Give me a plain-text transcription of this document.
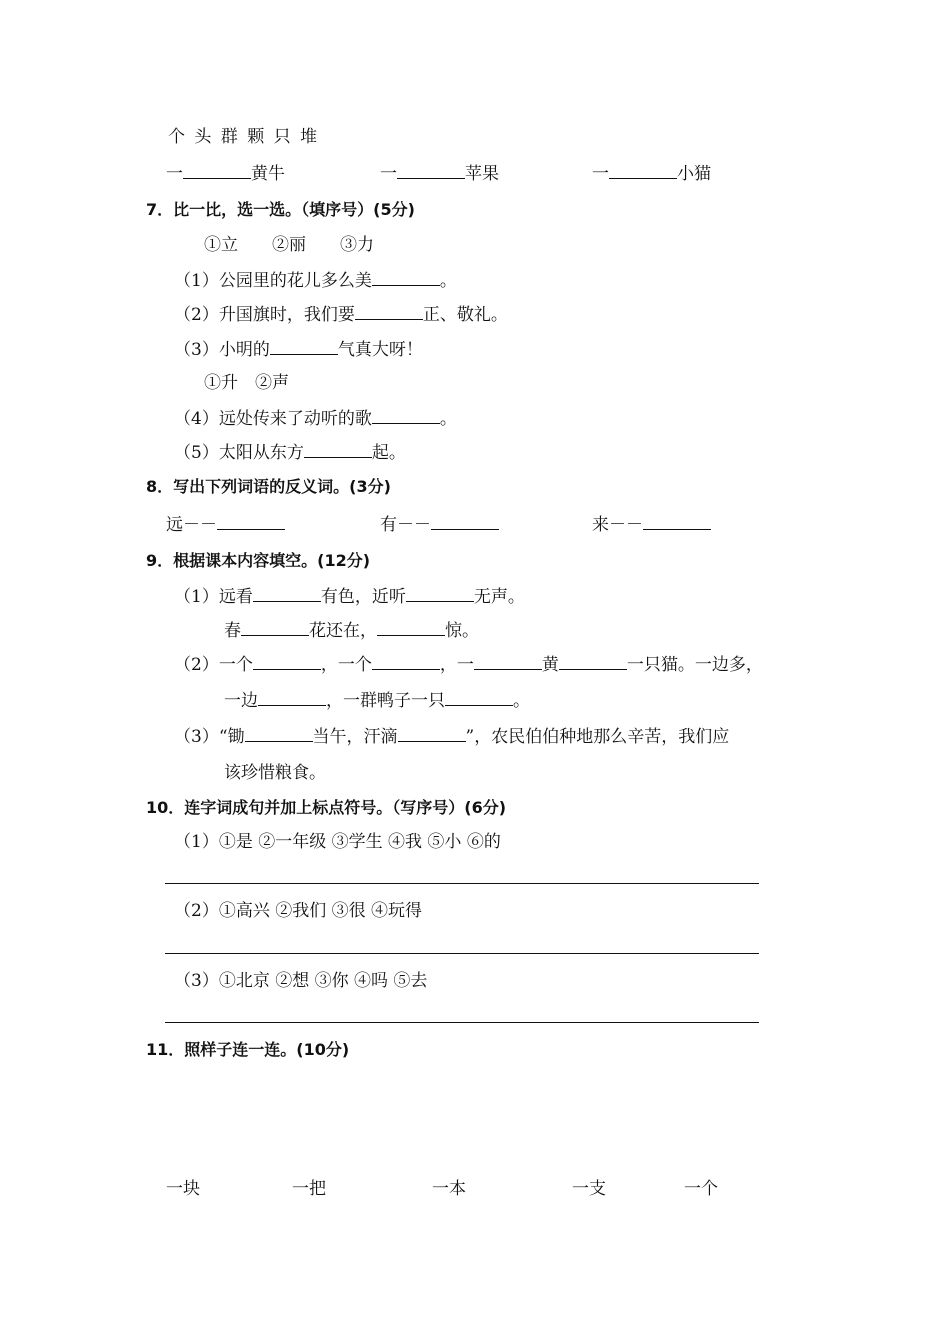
个 头 群 颗 只 堆
一	黄牛	一	苹果	一	小猫
7．比一比，选一选。（填序号）(5分)
①立　　②丽　　③力
（1）公园里的花儿多么美	。
（2）升国旗时，我们要	正、敬礼。
（3）小明的	气真大呀！
①升　②声
（4）远处传来了动听的歌	。
（5）太阳从东方	起。
8．写出下列词语的反义词。(3分)
远－－	有－－	来－－
9．根据课本内容填空。(12分)
（1）远看	有色，近听	无声。
春	花还在，	惊。
（2）一个	，一个	，一	黄	一只猫。一边多，
一边	，一群鸭子一只	。
（3）“锄	当午，汗滴	”，农民伯伯种地那么辛苦，我们应
该珍惜粮食。
10．连字词成句并加上标点符号。（写序号）(6分)
（1）①是 ②一年级 ③学生 ④我 ⑤小 ⑥的
（2）①高兴 ②我们 ③很 ④玩得
（3）①北京 ②想 ③你 ④吗 ⑤去
11．照样子连一连。(10分)
一块	一把	一本	一支	一个
